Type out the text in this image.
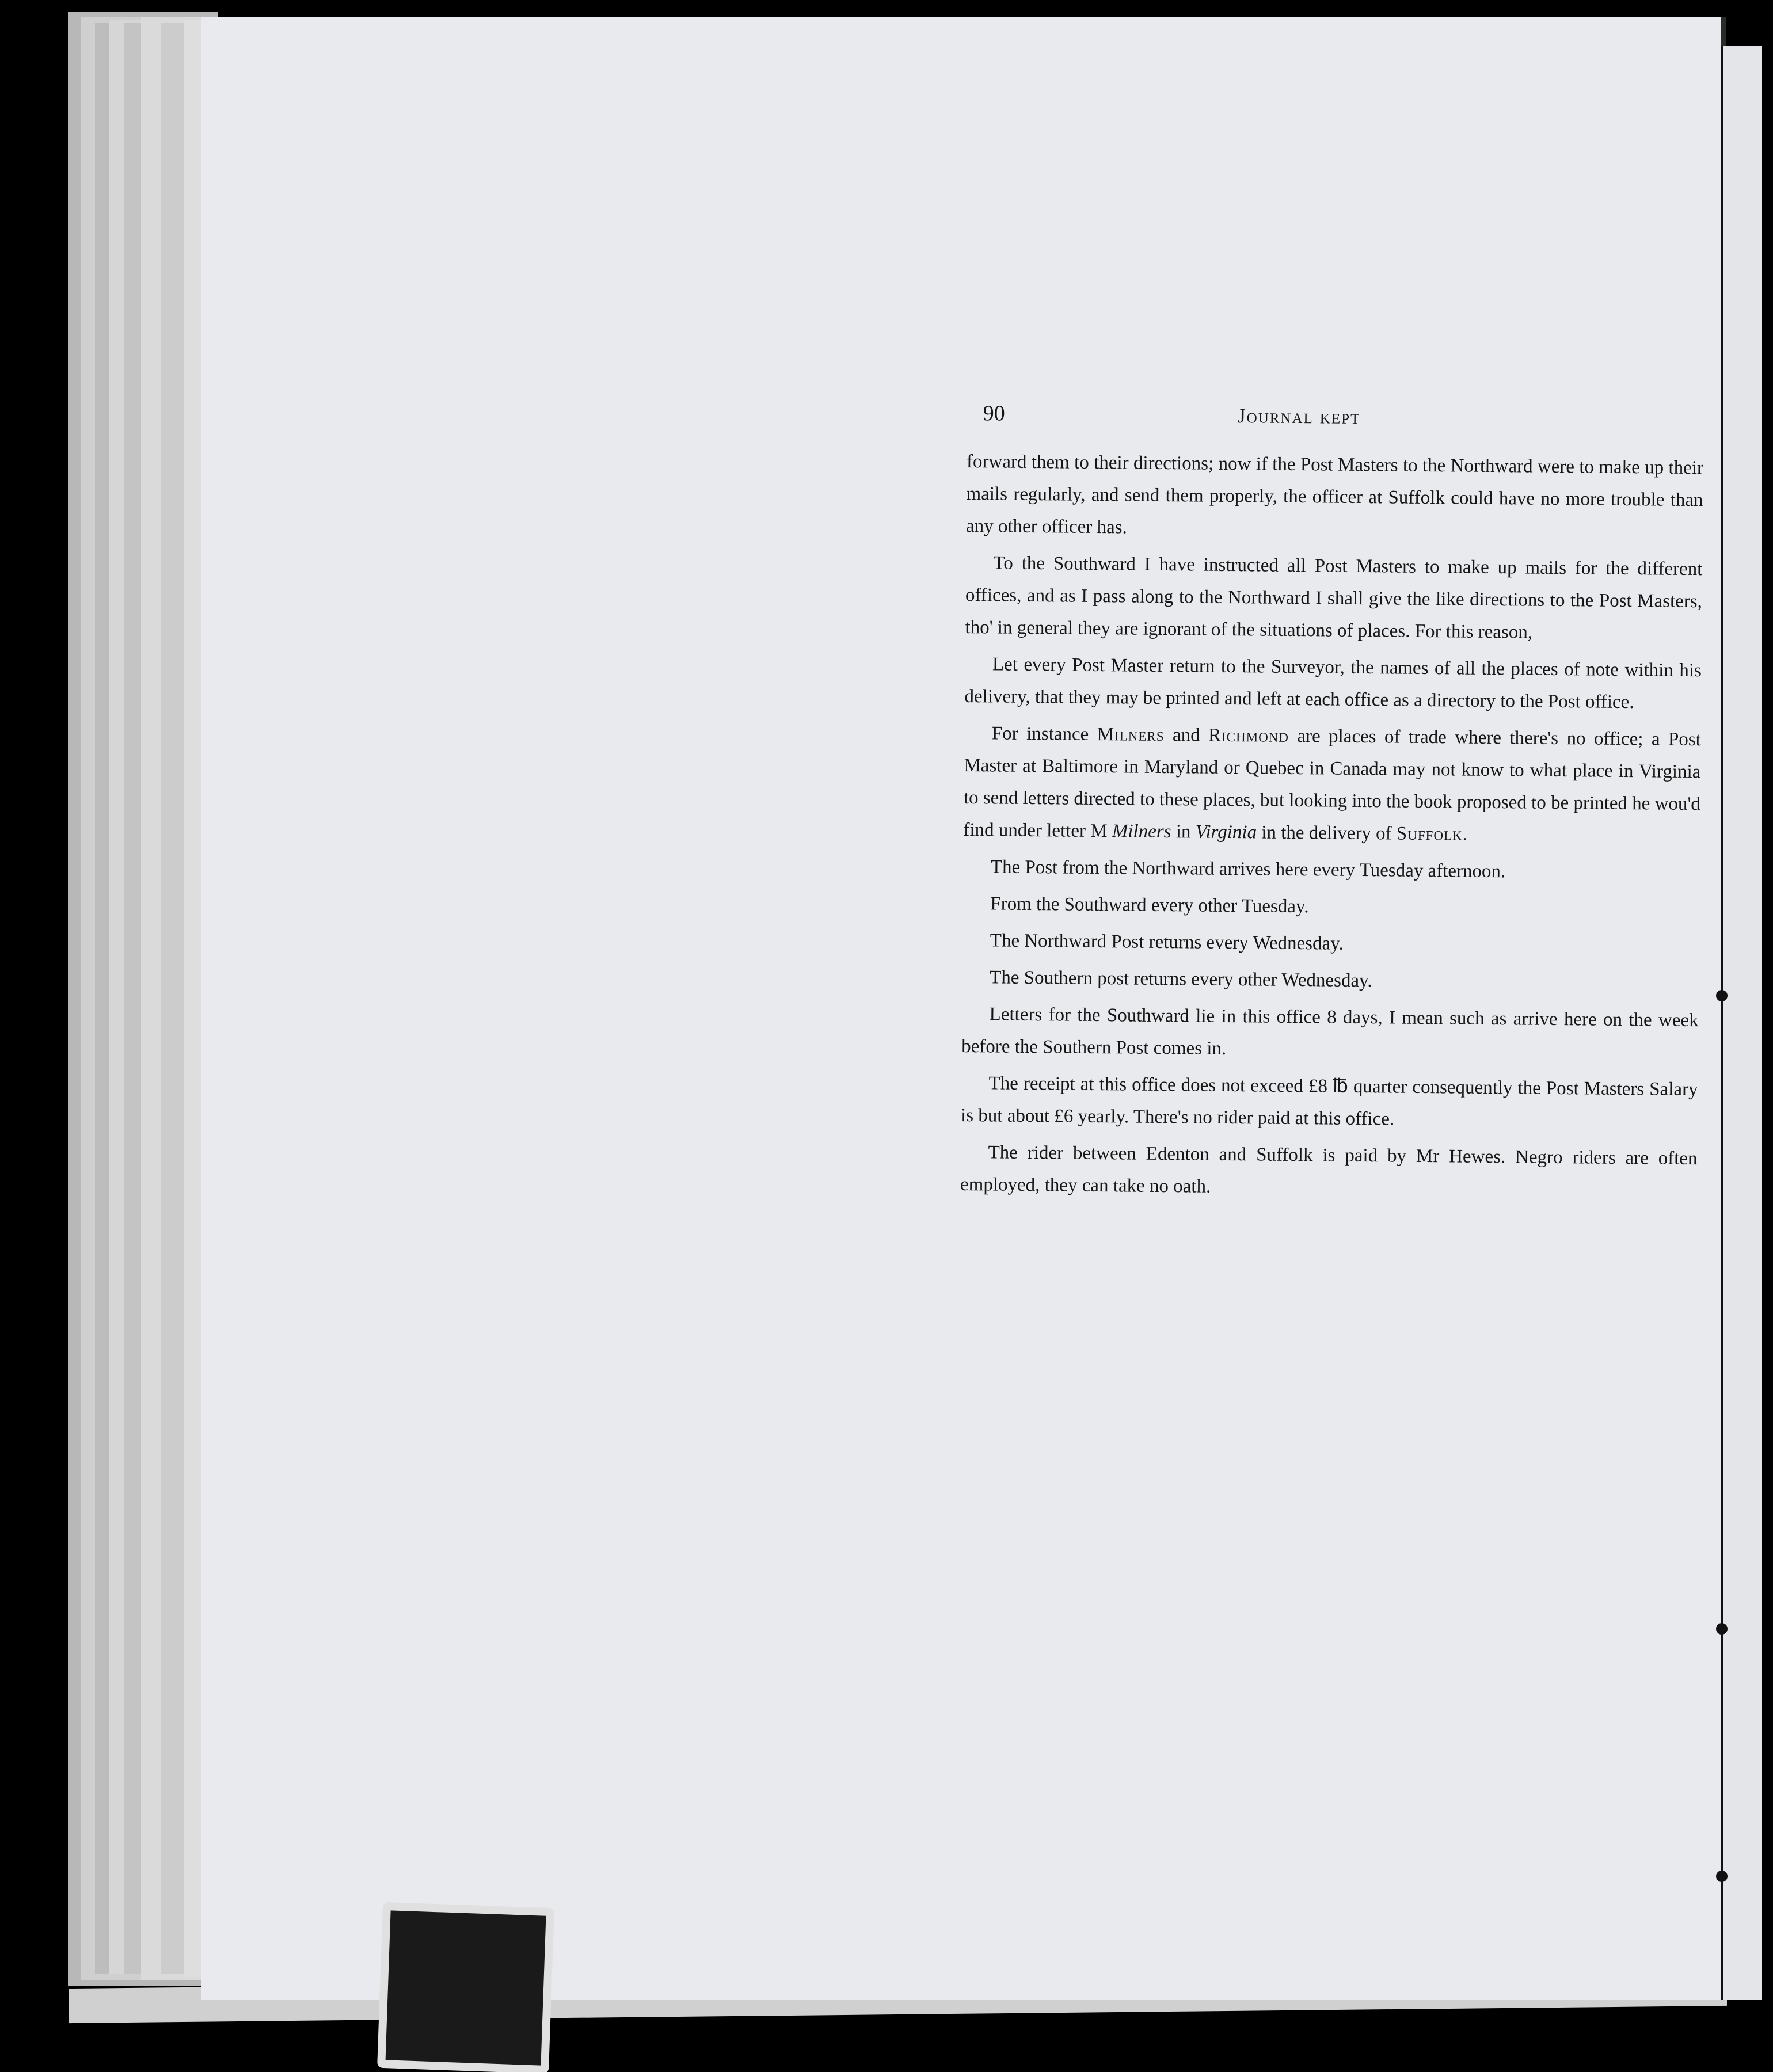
90	Journal kept

forward them to their directions; now if the Post Masters to the Northward were to make up their mails regularly, and send them properly, the officer at Suffolk could have no more trouble than any other officer has.

To the Southward I have instructed all Post Masters to make up mails for the different offices, and as I pass along to the Northward I shall give the like directions to the Post Masters, tho' in general they are ignorant of the situations of places. For this reason,

Let every Post Master return to the Surveyor, the names of all the places of note within his delivery, that they may be printed and left at each office as a directory to the Post office.

For instance Milners and Richmond are places of trade where there's no office; a Post Master at Baltimore in Maryland or Quebec in Canada may not know to what place in Virginia to send letters directed to these places, but looking into the book proposed to be printed he wou'd find under letter M Milners in Virginia in the delivery of Suffolk.

The Post from the Northward arrives here every Tuesday afternoon.

From the Southward every other Tuesday.

The Northward Post returns every Wednesday.

The Southern post returns every other Wednesday.

Letters for the Southward lie in this office 8 days, I mean such as arrive here on the week before the Southern Post comes in.

The receipt at this office does not exceed £8 ℔ quarter consequently the Post Masters Salary is but about £6 yearly. There's no rider paid at this office.

The rider between Edenton and Suffolk is paid by Mr Hewes. Negro riders are often employed, they can take no oath.
